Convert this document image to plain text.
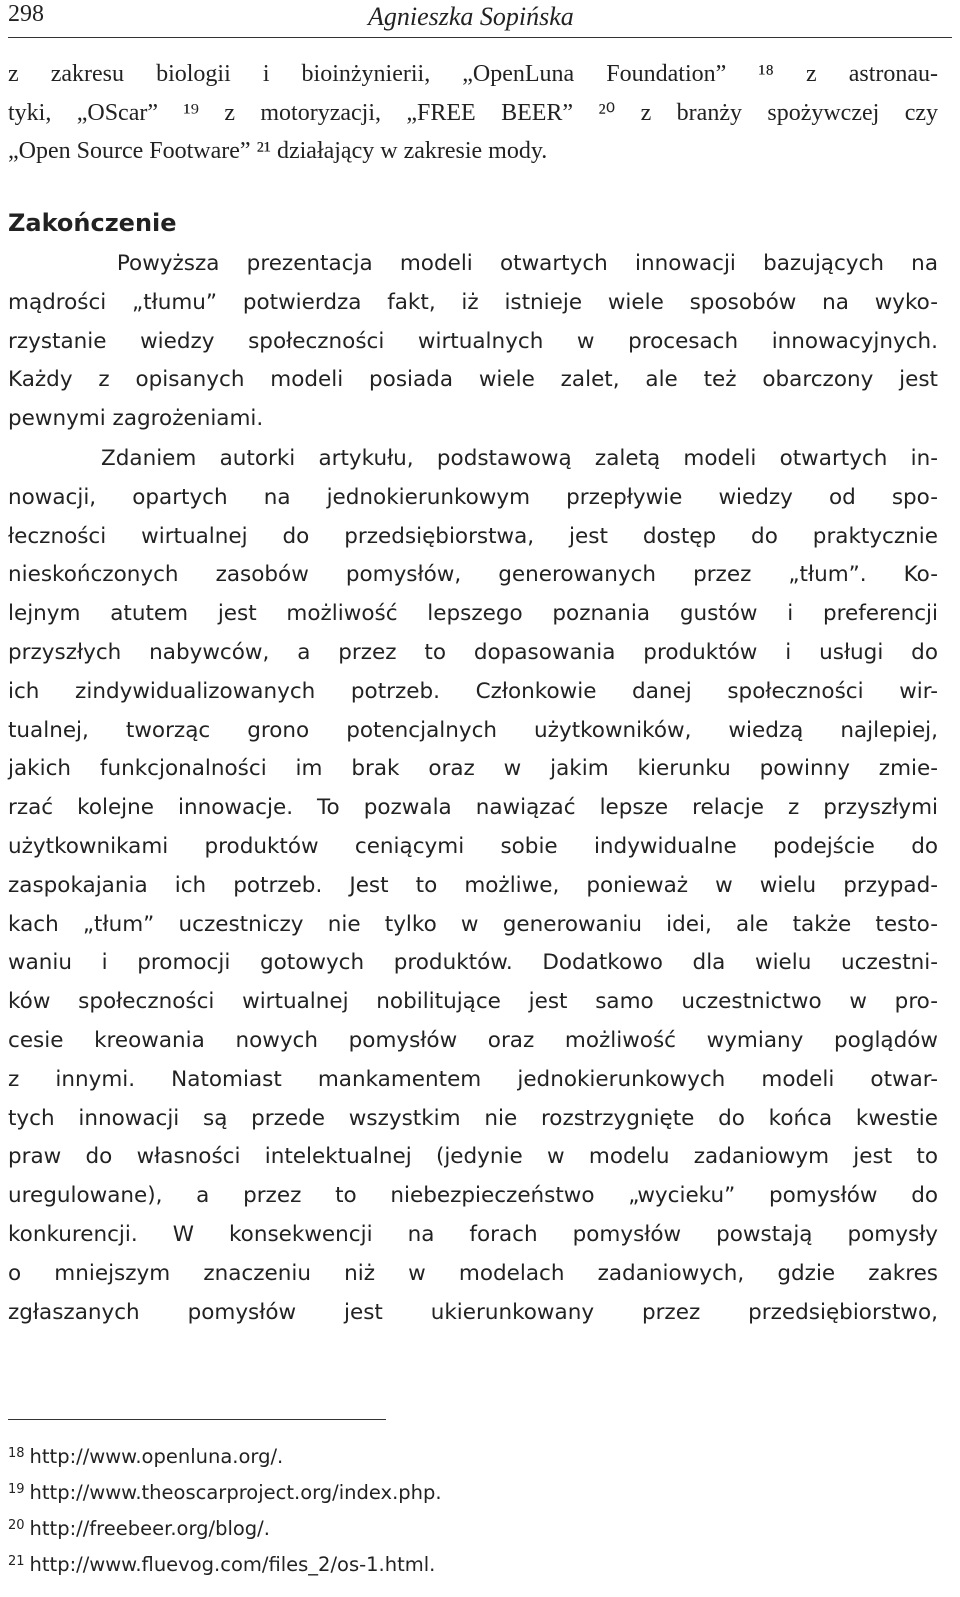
298	Agnieszka Sopińska
z zakresu biologii i bioinżynierii, „OpenLuna Foundation” ¹⁸ z astronau-
tyki, „OScar” ¹⁹ z motoryzacji, „FREE BEER” ²⁰ z branży spożywczej czy
„Open Source Footware” ²¹ działający w zakresie mody.
Zakończenie
Powyższa prezentacja modeli otwartych innowacji bazujących na
mądrości „tłumu” potwierdza fakt, iż istnieje wiele sposobów na wyko-
rzystanie wiedzy społeczności wirtualnych w procesach innowacyjnych.
Każdy z opisanych modeli posiada wiele zalet, ale też obarczony jest
pewnymi zagrożeniami.
Zdaniem autorki artykułu, podstawową zaletą modeli otwartych in-
nowacji, opartych na jednokierunkowym przepływie wiedzy od spo-
łeczności wirtualnej do przedsiębiorstwa, jest dostęp do praktycznie
nieskończonych zasobów pomysłów, generowanych przez „tłum”. Ko-
lejnym atutem jest możliwość lepszego poznania gustów i preferencji
przyszłych nabywców, a przez to dopasowania produktów i usługi do
ich zindywidualizowanych potrzeb. Członkowie danej społeczności wir-
tualnej, tworząc grono potencjalnych użytkowników, wiedzą najlepiej,
jakich funkcjonalności im brak oraz w jakim kierunku powinny zmie-
rzać kolejne innowacje. To pozwala nawiązać lepsze relacje z przyszłymi
użytkownikami produktów ceniącymi sobie indywidualne podejście do
zaspokajania ich potrzeb. Jest to możliwe, ponieważ w wielu przypad-
kach „tłum” uczestniczy nie tylko w generowaniu idei, ale także testo-
waniu i promocji gotowych produktów. Dodatkowo dla wielu uczestni-
ków społeczności wirtualnej nobilitujące jest samo uczestnictwo w pro-
cesie kreowania nowych pomysłów oraz możliwość wymiany poglądów
z innymi. Natomiast mankamentem jednokierunkowych modeli otwar-
tych innowacji są przede wszystkim nie rozstrzygnięte do końca kwestie
praw do własności intelektualnej (jedynie w modelu zadaniowym jest to
uregulowane), a przez to niebezpieczeństwo „wycieku” pomysłów do
konkurencji. W konsekwencji na forach pomysłów powstają pomysły
o mniejszym znaczeniu niż w modelach zadaniowych, gdzie zakres
zgłaszanych pomysłów jest ukierunkowany przez przedsiębiorstwo,
$^{18}$ http://www.openluna.org/.
$^{19}$ http://www.theoscarproject.org/index.php.
$^{20}$ http://freebeer.org/blog/.
$^{21}$ http://www.fluevog.com/files_2/os-1.html.
